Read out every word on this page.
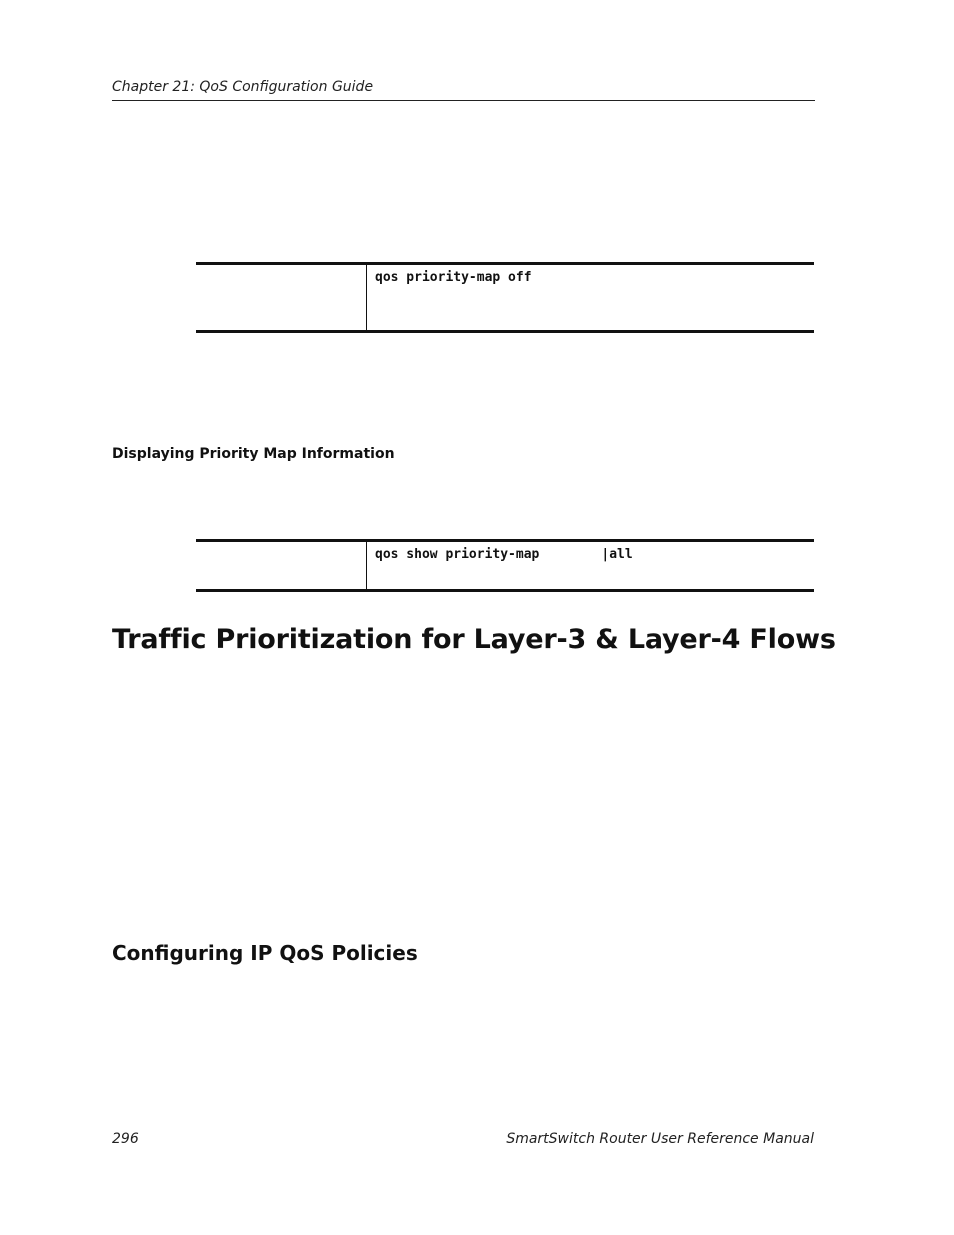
Chapter 21: QoS Configuration Guide
qos priority-map off
Displaying Priority Map Information
qos show priority-map	|all
Traffic Prioritization for Layer-3 & Layer-4 Flows
Configuring IP QoS Policies
296	SmartSwitch Router User Reference Manual
